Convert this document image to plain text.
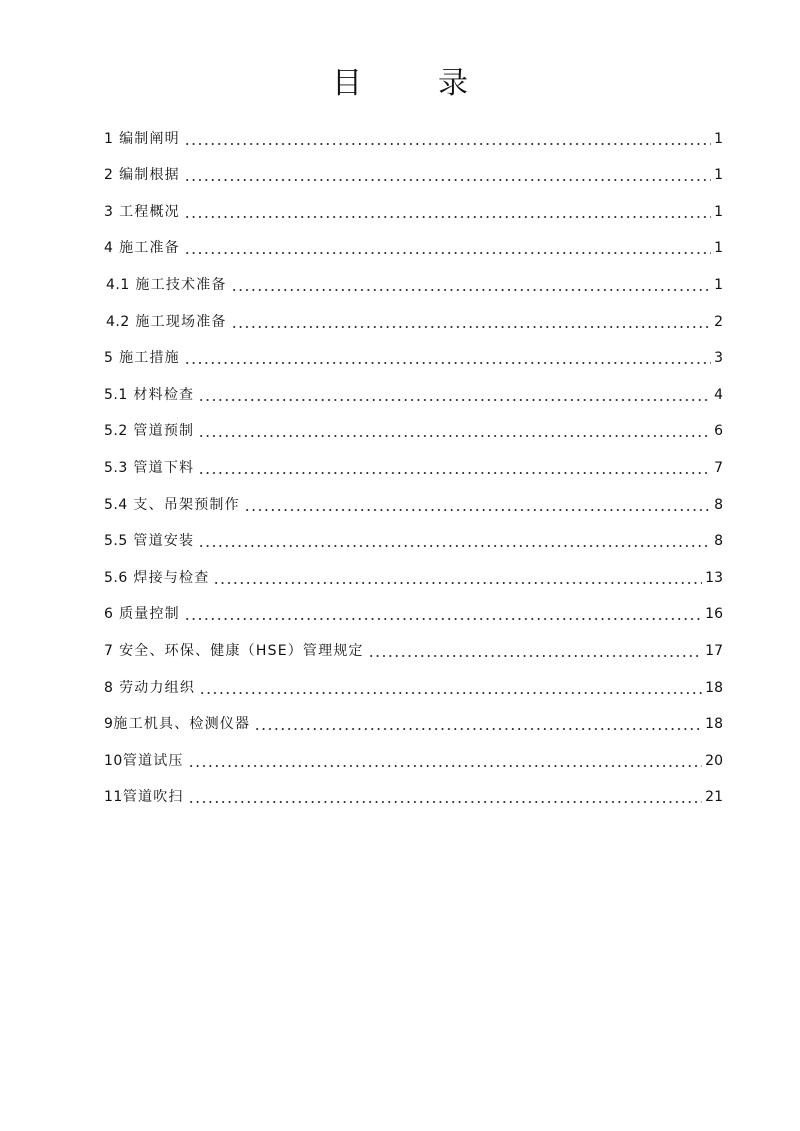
目	录
1 编制阐明	1
2 编制根据	1
3 工程概况	1
4 施工准备	1
4.1 施工技术准备	1
4.2 施工现场准备	2
5 施工措施	3
5.1 材料检查	4
5.2 管道预制	6
5.3 管道下料	7
5.4 支、吊架预制作	8
5.5 管道安装	8
5.6 焊接与检查	13
6 质量控制	16
7 安全、环保、健康（HSE）管理规定	17
8 劳动力组织	18
9施工机具、检测仪器	18
10管道试压	20
11管道吹扫	21
